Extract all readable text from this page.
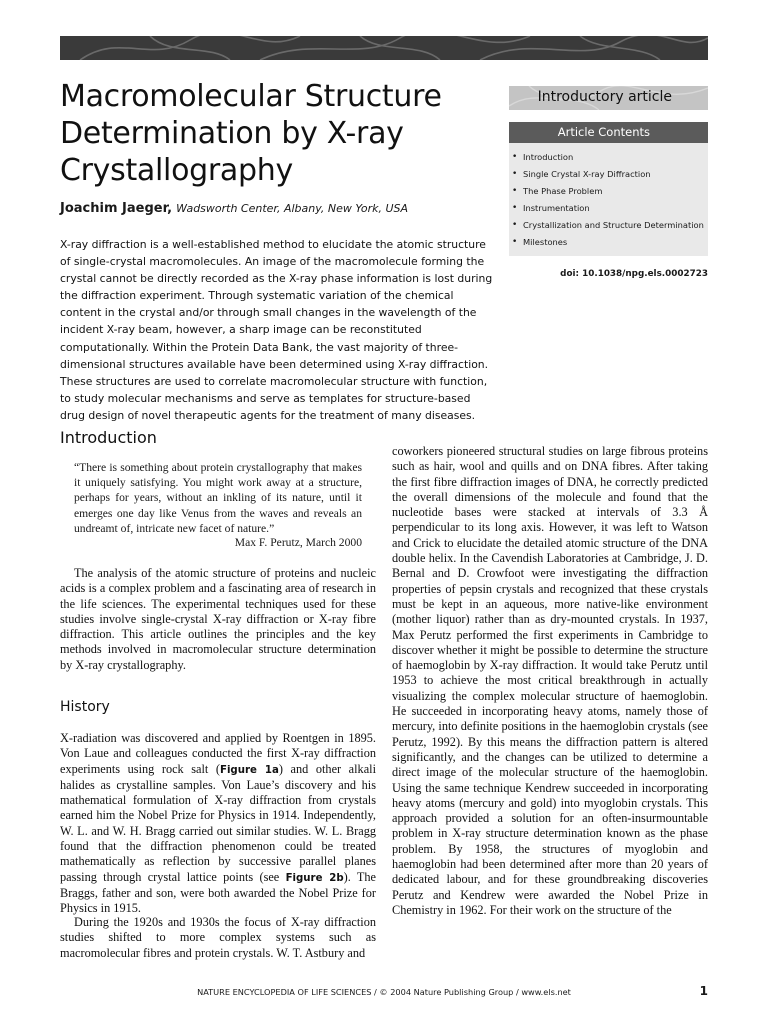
Macromolecular Structure Determination by X-ray Crystallography
Joachim Jaeger, Wadsworth Center, Albany, New York, USA

X-ray diffraction is a well-established method to elucidate the atomic structure of single-crystal macromolecules. An image of the macromolecule forming the crystal cannot be directly recorded as the X-ray phase information is lost during the diffraction experiment. Through systematic variation of the chemical content in the crystal and/or through small changes in the wavelength of the incident X-ray beam, however, a sharp image can be reconstituted computationally. Within the Protein Data Bank, the vast majority of three-dimensional structures available have been determined using X-ray diffraction. These structures are used to correlate macromolecular structure with function, to study molecular mechanisms and serve as templates for structure-based drug design of novel therapeutic agents for the treatment of many diseases.

Introductory article
Article Contents
• Introduction
• Single Crystal X-ray Diffraction
• The Phase Problem
• Instrumentation
• Crystallization and Structure Determination
• Milestones
doi: 10.1038/npg.els.0002723
Introduction

“There is something about protein crystallography that makes it uniquely satisfying. You might work away at a structure, perhaps for years, without an inkling of its nature, until it emerges one day like Venus from the waves and reveals an undreamt of, intricate new facet of nature.”

Max F. Perutz, March 2000

The analysis of the atomic structure of proteins and nucleic acids is a complex problem and a fascinating area of research in the life sciences. The experimental techniques used for these studies involve single-crystal X-ray diffraction or X-ray fibre diffraction. This article outlines the principles and the key methods involved in macromolecular structure determination by X-ray crystallography.

History

X-radiation was discovered and applied by Roentgen in 1895. Von Laue and colleagues conducted the first X-ray diffraction experiments using rock salt (Figure 1a) and other alkali halides as crystalline samples. Von Laue’s discovery and his mathematical formulation of X-ray diffraction from crystals earned him the Nobel Prize for Physics in 1914. Independently, W. L. and W. H. Bragg carried out similar studies. W. L. Bragg found that the diffraction phenomenon could be treated mathematically as reflection by successive parallel planes passing through crystal lattice points (see Figure 2b). The Braggs, father and son, were both awarded the Nobel Prize for Physics in 1915.

During the 1920s and 1930s the focus of X-ray diffraction studies shifted to more complex systems such as macromolecular fibres and protein crystals. W. T. Astbury and

coworkers pioneered structural studies on large fibrous proteins such as hair, wool and quills and on DNA fibres. After taking the first fibre diffraction images of DNA, he correctly predicted the overall dimensions of the molecule and found that the nucleotide bases were stacked at intervals of 3.3 Å perpendicular to its long axis. However, it was left to Watson and Crick to elucidate the detailed atomic structure of the DNA double helix. In the Cavendish Laboratories at Cambridge, J. D. Bernal and D. Crowfoot were investigating the diffraction properties of pepsin crystals and recognized that these crystals must be kept in an aqueous, more native-like environment (mother liquor) rather than as dry-mounted crystals. In 1937, Max Perutz performed the first experiments in Cambridge to discover whether it might be possible to determine the structure of haemoglobin by X-ray diffraction. It would take Perutz until 1953 to achieve the most critical breakthrough in actually visualizing the complex molecular structure of haemoglobin. He succeeded in incorporating heavy atoms, namely those of mercury, into definite positions in the haemoglobin crystals (see Perutz, 1992). By this means the diffraction pattern is altered significantly, and the changes can be utilized to determine a direct image of the molecular structure of the haemoglobin. Using the same technique Kendrew succeeded in incorporating heavy atoms (mercury and gold) into myoglobin crystals. This approach provided a solution for an often-insurmountable problem in X-ray structure determination known as the phase problem. By 1958, the structures of myoglobin and haemoglobin had been determined after more than 20 years of dedicated labour, and for these groundbreaking discoveries Perutz and Kendrew were awarded the Nobel Prize in Chemistry in 1962. For their work on the structure of the

NATURE ENCYCLOPEDIA OF LIFE SCIENCES / © 2004 Nature Publishing Group / www.els.net	1
